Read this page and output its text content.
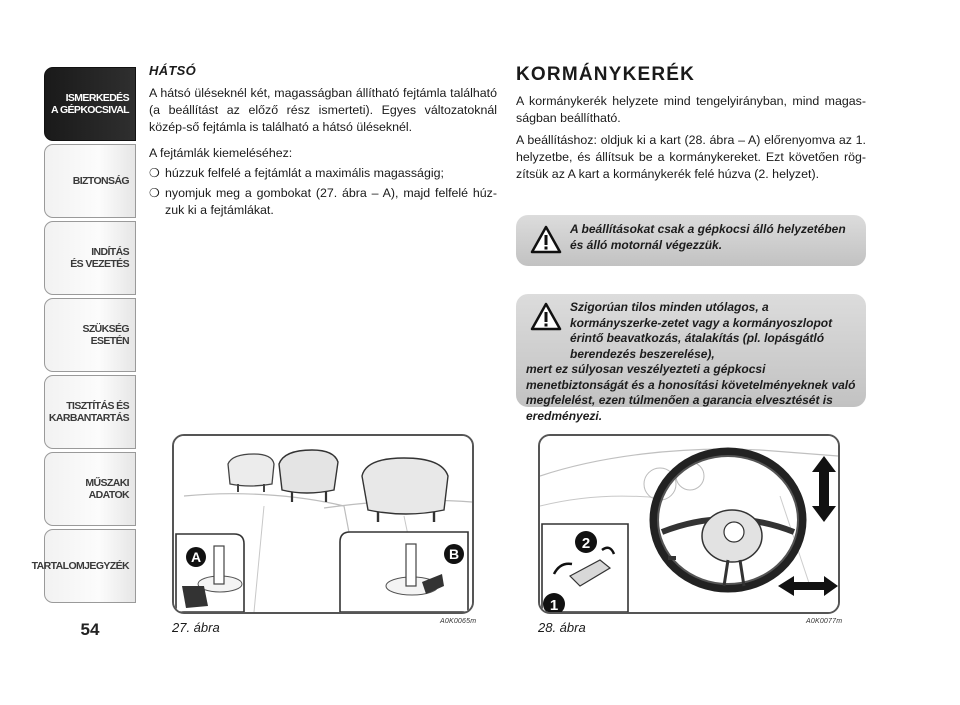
ISMERKEDÉS
A GÉPKOCSIVAL
BIZTONSÁG
INDÍTÁS
ÉS VEZETÉS
SZÜKSÉG
ESETÉN
TISZTÍTÁS ÉS
KARBANTARTÁS
MŰSZAKI
ADATOK
TARTALOMJEGYZÉK
54
HÁTSÓ

A hátsó üléseknél két, magasságban állítható fejtámla található (a beállítást az előző rész ismerteti). Egyes változatoknál közép-ső fejtámla is található a hátsó üléseknél.

A fejtámlák kiemeléséhez:

❍ húzzuk felfelé a fejtámlát a maximális magasságig;
❍ nyomjuk meg a gombokat (27. ábra – A), majd felfelé húz-zuk ki a fejtámlákat.
KORMÁNYKERÉK

A kormánykerék helyzete mind tengelyirányban, mind magas-ságban beállítható.

A beállításhoz: oldjuk ki a kart (28. ábra – A) előrenyomva az 1. helyzetbe, és állítsuk be a kormánykereket. Ezt követően rög-zítsük az A kart a kormánykerék felé húzva (2. helyzet).

A beállításokat csak a gépkocsi álló helyzetében és álló motornál végezzük.
Szigorúan tilos minden utólagos, a kormányszerke-zetet vagy a kormányoszlopot érintő beavatkozás, átalakítás (pl. lopásgátló berendezés beszerelése),
mert ez súlyosan veszélyezteti a gépkocsi menetbiztonságát és a honosítási követelményeknek való megfelelést, ezen túlmenően a garancia elvesztését is eredményezi.
A	B
27. ábra	A0K0065m
2
1
28. ábra	A0K0077m
